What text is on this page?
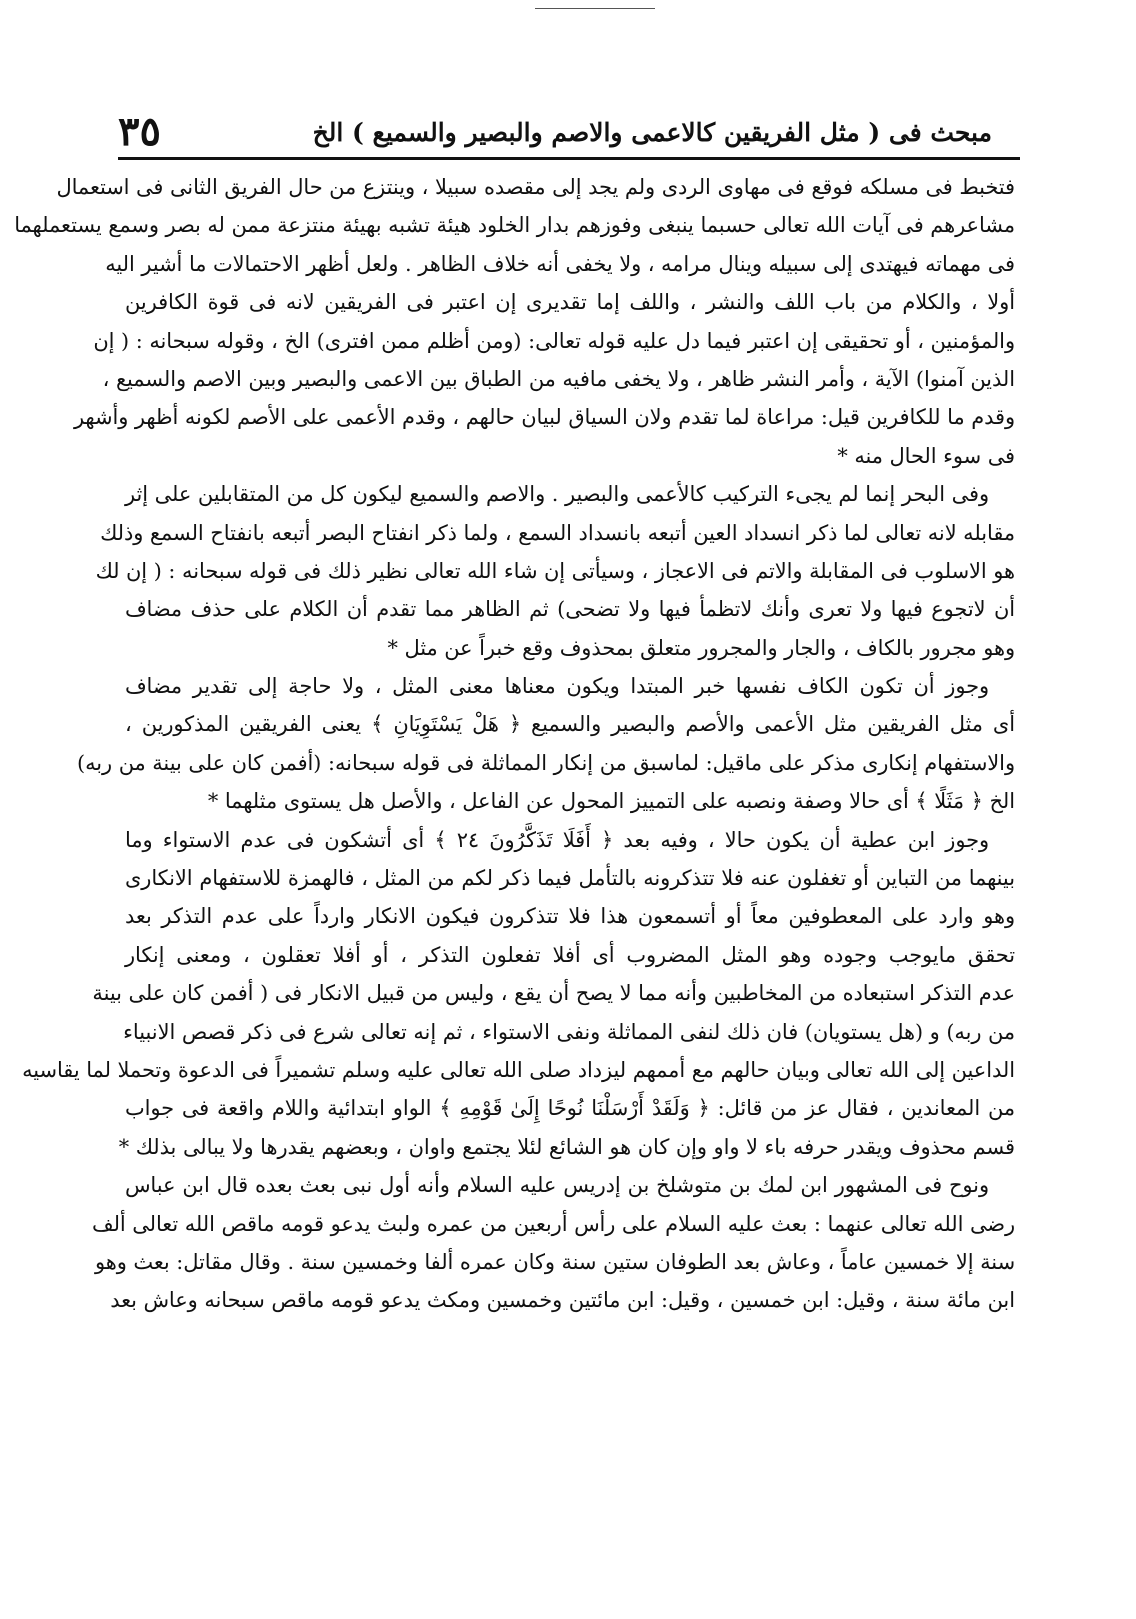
مبحث فى ( مثل الفريقين كالاعمى والاصم والبصير والسميع ) الخ
٣٥
فتخبط فى مسلكه فوقع فى مهاوى الردى ولم يجد إلى مقصده سبيلا ، وينتزع من حال الفريق الثانى فى استعمال
مشاعرهم فى آيات الله تعالى حسبما ينبغى وفوزهم بدار الخلود هيئة تشبه بهيئة منتزعة ممن له بصر وسمع يستعملهما
فى مهماته فيهتدى إلى سبيله وينال مرامه ، ولا يخفى أنه خلاف الظاهر . ولعل أظهر الاحتمالات ما أشير اليه
أولا ، والكلام من باب اللف والنشر ، واللف إما تقديرى إن اعتبر فى الفريقين لانه فى قوة الكافرين
والمؤمنين ، أو تحقيقى إن اعتبر فيما دل عليه قوله تعالى: (ومن أظلم ممن افترى) الخ ، وقوله سبحانه : ( إن
الذين آمنوا) الآية ، وأمر النشر ظاهر ، ولا يخفى مافيه من الطباق بين الاعمى والبصير وبين الاصم والسميع ،
وقدم ما للكافرين قيل: مراعاة لما تقدم ولان السياق لبيان حالهم ، وقدم الأعمى على الأصم لكونه أظهر وأشهر
فى سوء الحال منه *
وفى البحر إنما لم يجىء التركيب كالأعمى والبصير . والاصم والسميع ليكون كل من المتقابلين على إثر
مقابله لانه تعالى لما ذكر انسداد العين أتبعه بانسداد السمع ، ولما ذكر انفتاح البصر أتبعه بانفتاح السمع وذلك
هو الاسلوب فى المقابلة والاتم فى الاعجاز ، وسيأتى إن شاء الله تعالى نظير ذلك فى قوله سبحانه : ( إن لك
أن لاتجوع فيها ولا تعرى وأنك لاتظمأ فيها ولا تضحى) ثم الظاهر مما تقدم أن الكلام على حذف مضاف
وهو مجرور بالكاف ، والجار والمجرور متعلق بمحذوف وقع خبراً عن مثل *
وجوز أن تكون الكاف نفسها خبر المبتدا ويكون معناها معنى المثل ، ولا حاجة إلى تقدير مضاف
أى مثل الفريقين مثل الأعمى والأصم والبصير والسميع ﴿ هَلْ يَسْتَوِيَانِ ﴾ يعنى الفريقين المذكورين ،
والاستفهام إنكارى مذكر على ماقيل: لماسبق من إنكار المماثلة فى قوله سبحانه: (أفمن كان على بينة من ربه)
الخ ﴿ مَثَلًا ﴾ أى حالا وصفة ونصبه على التمييز المحول عن الفاعل ، والأصل هل يستوى مثلهما *
وجوز ابن عطية أن يكون حالا ، وفيه بعد ﴿ أَفَلَا تَذَكَّرُونَ ٢٤ ﴾ أى أتشكون فى عدم الاستواء وما
بينهما من التباين أو تغفلون عنه فلا تتذكرونه بالتأمل فيما ذكر لكم من المثل ، فالهمزة للاستفهام الانكارى
وهو وارد على المعطوفين معاً أو أتسمعون هذا فلا تتذكرون فيكون الانكار وارداً على عدم التذكر بعد
تحقق مايوجب وجوده وهو المثل المضروب أى أفلا تفعلون التذكر ، أو أفلا تعقلون ، ومعنى إنكار
عدم التذكر استبعاده من المخاطبين وأنه مما لا يصح أن يقع ، وليس من قبيل الانكار فى ( أفمن كان على بينة
من ربه) و (هل يستويان) فان ذلك لنفى المماثلة ونفى الاستواء ، ثم إنه تعالى شرع فى ذكر قصص الانبياء
الداعين إلى الله تعالى وبيان حالهم مع أممهم ليزداد صلى الله تعالى عليه وسلم تشميراً فى الدعوة وتحملا لما يقاسيه
من المعاندين ، فقال عز من قائل: ﴿ وَلَقَدْ أَرْسَلْنَا نُوحًا إِلَىٰ قَوْمِهِ ﴾ الواو ابتدائية واللام واقعة فى جواب
قسم محذوف ويقدر حرفه باء لا واو وإن كان هو الشائع لئلا يجتمع واوان ، وبعضهم يقدرها ولا يبالى بذلك *
ونوح فى المشهور ابن لمك بن متوشلخ بن إدريس عليه السلام وأنه أول نبى بعث بعده قال ابن عباس
رضى الله تعالى عنهما : بعث عليه السلام على رأس أربعين من عمره ولبث يدعو قومه ماقص الله تعالى ألف
سنة إلا خمسين عاماً ، وعاش بعد الطوفان ستين سنة وكان عمره ألفا وخمسين سنة . وقال مقاتل: بعث وهو
ابن مائة سنة ، وقيل: ابن خمسين ، وقيل: ابن مائتين وخمسين ومكث يدعو قومه ماقص سبحانه وعاش بعد
